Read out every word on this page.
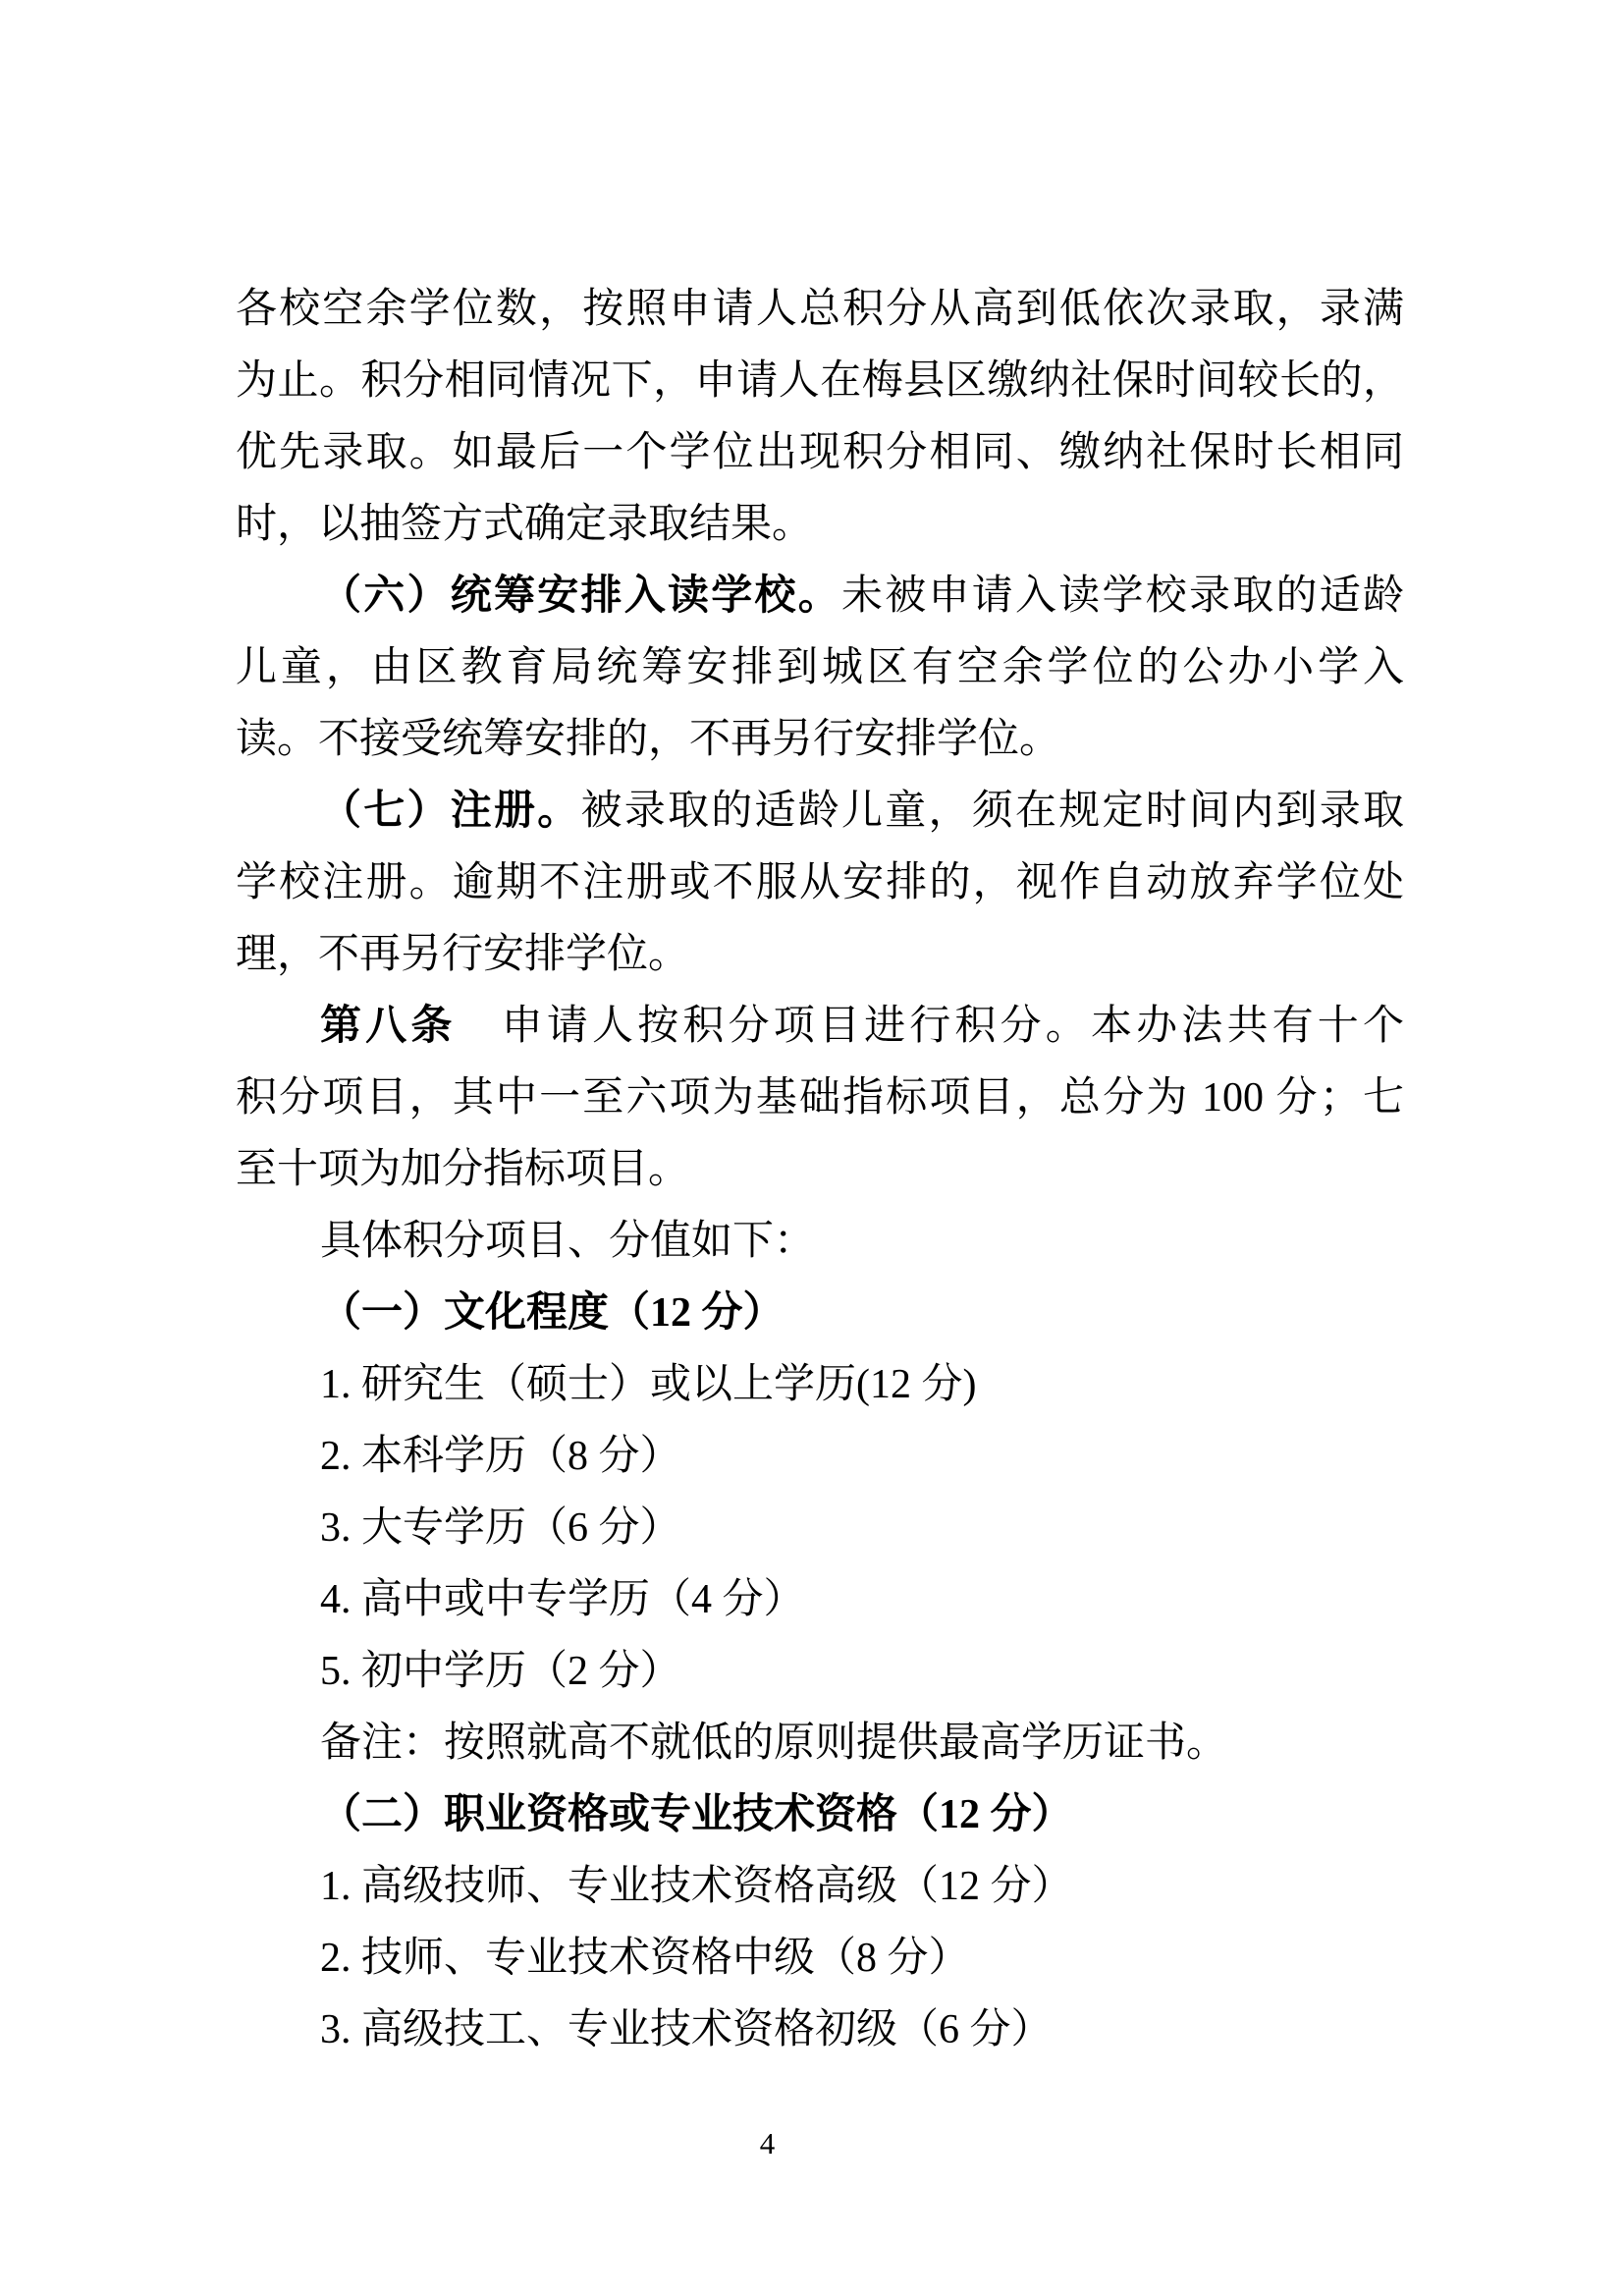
各校空余学位数，按照申请人总积分从高到低依次录取，录满

为止。积分相同情况下，申请人在梅县区缴纳社保时间较长的，

优先录取。如最后一个学位出现积分相同、缴纳社保时长相同

时，以抽签方式确定录取结果。

（六）统筹安排入读学校。未被申请入读学校录取的适龄

儿童，由区教育局统筹安排到城区有空余学位的公办小学入

读。不接受统筹安排的，不再另行安排学位。

（七）注册。被录取的适龄儿童，须在规定时间内到录取

学校注册。逾期不注册或不服从安排的，视作自动放弃学位处

理，不再另行安排学位。

第八条　申请人按积分项目进行积分。本办法共有十个

积分项目，其中一至六项为基础指标项目，总分为 100 分；七

至十项为加分指标项目。

具体积分项目、分值如下：

（一）文化程度（12 分）

1. 研究生（硕士）或以上学历(12 分)

2. 本科学历（8 分）

3. 大专学历（6 分）

4. 高中或中专学历（4 分）

5. 初中学历（2 分）

备注：按照就高不就低的原则提供最高学历证书。

（二）职业资格或专业技术资格（12 分）

1. 高级技师、专业技术资格高级（12 分）

2. 技师、专业技术资格中级（8 分）

3. 高级技工、专业技术资格初级（6 分）

4
